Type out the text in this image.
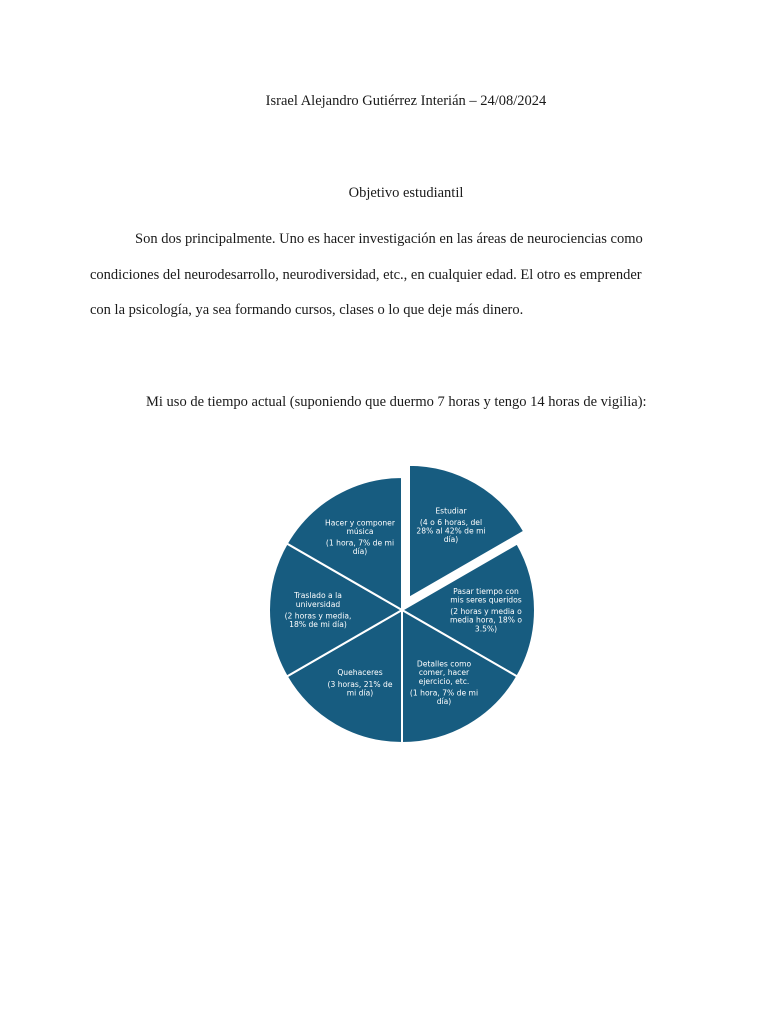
Israel Alejandro Gutiérrez Interián – 24/08/2024
Objetivo estudiantil
Son dos principalmente. Uno es hacer investigación en las áreas de neurociencias como
condiciones del neurodesarrollo, neurodiversidad, etc., en cualquier edad. El otro es emprender
con la psicología, ya sea formando cursos, clases o lo que deje más dinero.
Mi uso de tiempo actual (suponiendo que duermo 7 horas y tengo 14 horas de vigilia):
Estudiar (4 o 6 horas, del 28% al 42% de mi día)
Pasar tiempo con mis seres queridos (2 horas y media o media hora, 18% o 3.5%)
Detalles como comer, hacer ejercicio, etc. (1 hora, 7% de mi día)
Quehaceres (3 horas, 21% de mi día)
Traslado a la universidad (2 horas y media, 18% de mi día)
Hacer y componer música (1 hora, 7% de mi día)
